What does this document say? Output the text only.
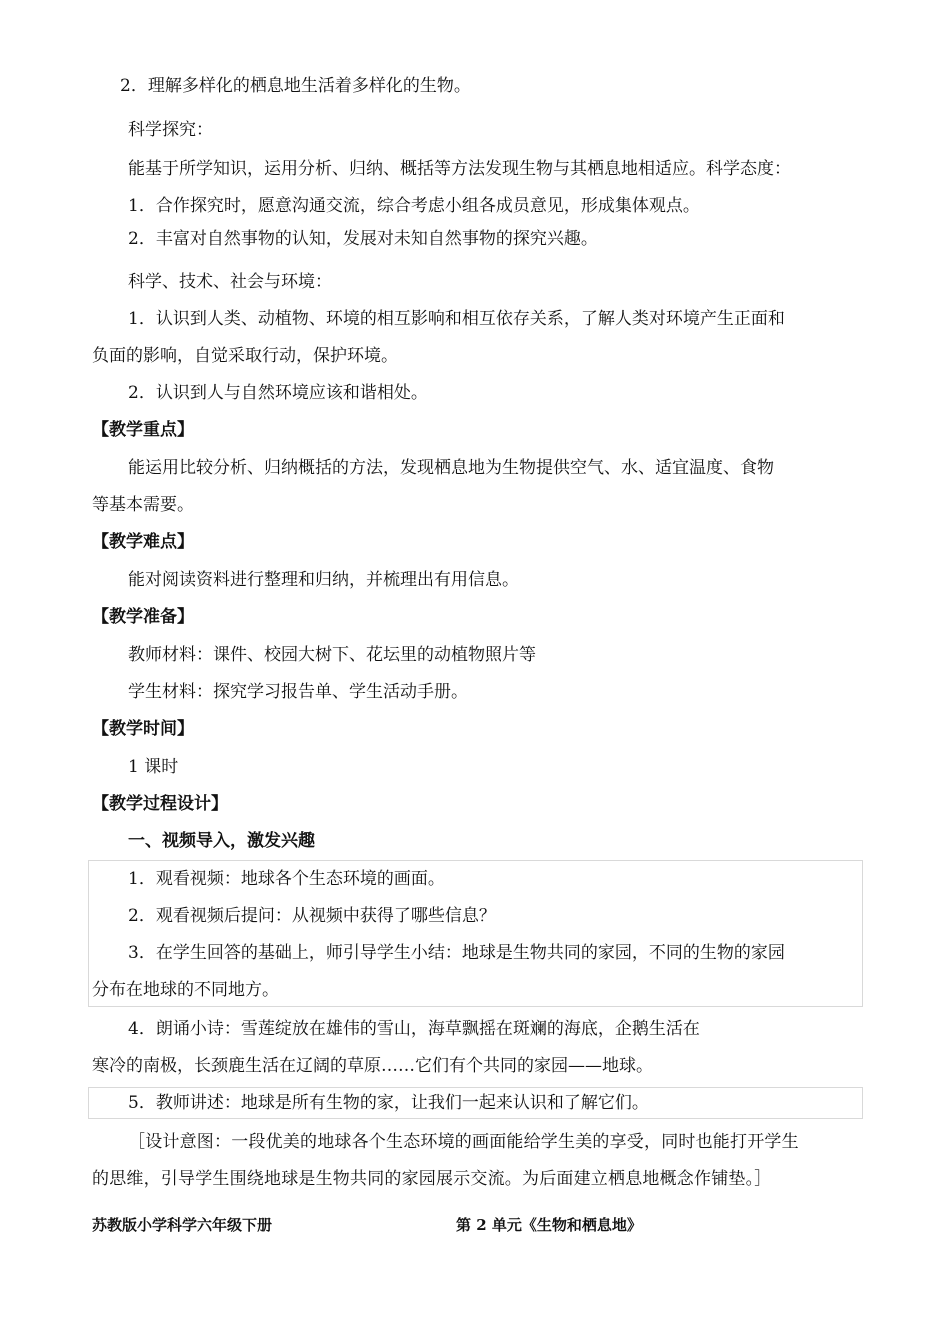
2．理解多样化的栖息地生活着多样化的生物。
科学探究：
能基于所学知识，运用分析、归纳、概括等方法发现生物与其栖息地相适应。科学态度：
1．合作探究时，愿意沟通交流，综合考虑小组各成员意见，形成集体观点。
2．丰富对自然事物的认知，发展对未知自然事物的探究兴趣。
科学、技术、社会与环境：
1．认识到人类、动植物、环境的相互影响和相互依存关系，了解人类对环境产生正面和
负面的影响，自觉采取行动，保护环境。
2．认识到人与自然环境应该和谐相处。
【教学重点】
能运用比较分析、归纳概括的方法，发现栖息地为生物提供空气、水、适宜温度、食物
等基本需要。
【教学难点】
能对阅读资料进行整理和归纳，并梳理出有用信息。
【教学准备】
教师材料：课件、校园大树下、花坛里的动植物照片等
学生材料：探究学习报告单、学生活动手册。
【教学时间】
1 课时
【教学过程设计】
一、视频导入，激发兴趣
1．观看视频：地球各个生态环境的画面。
2．观看视频后提问：从视频中获得了哪些信息？
3．在学生回答的基础上，师引导学生小结：地球是生物共同的家园，不同的生物的家园
分布在地球的不同地方。
4．朗诵小诗：雪莲绽放在雄伟的雪山，海草飘摇在斑斓的海底，企鹅生活在
寒冷的南极，长颈鹿生活在辽阔的草原……它们有个共同的家园——地球。
5．教师讲述：地球是所有生物的家，让我们一起来认识和了解它们。
［设计意图：一段优美的地球各个生态环境的画面能给学生美的享受，同时也能打开学生
的思维，引导学生围绕地球是生物共同的家园展示交流。为后面建立栖息地概念作铺垫。］
苏教版小学科学六年级下册	第 2 单元《生物和栖息地》
